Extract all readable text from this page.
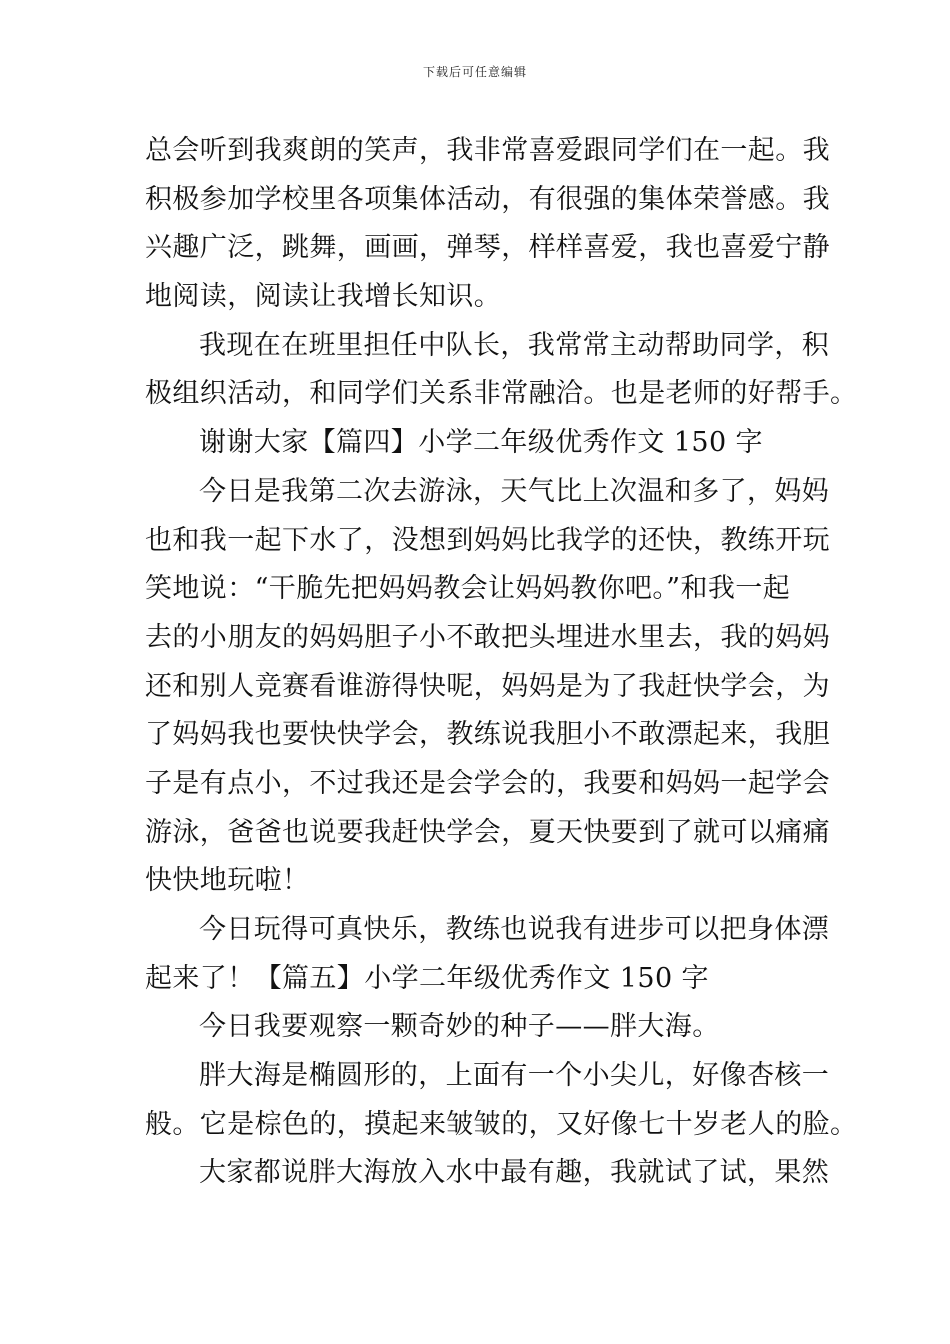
下载后可任意编辑
总会听到我爽朗的笑声，我非常喜爱跟同学们在一起。我
积极参加学校里各项集体活动，有很强的集体荣誉感。我
兴趣广泛，跳舞，画画，弹琴，样样喜爱，我也喜爱宁静
地阅读，阅读让我增长知识。
我现在在班里担任中队长，我常常主动帮助同学，积
极组织活动，和同学们关系非常融洽。也是老师的好帮手。
谢谢大家【篇四】小学二年级优秀作文 150 字
今日是我第二次去游泳，天气比上次温和多了，妈妈
也和我一起下水了，没想到妈妈比我学的还快，教练开玩
笑地说：“干脆先把妈妈教会让妈妈教你吧。”和我一起
去的小朋友的妈妈胆子小不敢把头埋进水里去，我的妈妈
还和别人竞赛看谁游得快呢，妈妈是为了我赶快学会，为
了妈妈我也要快快学会，教练说我胆小不敢漂起来，我胆
子是有点小，不过我还是会学会的，我要和妈妈一起学会
游泳，爸爸也说要我赶快学会，夏天快要到了就可以痛痛
快快地玩啦！
今日玩得可真快乐，教练也说我有进步可以把身体漂
起来了！【篇五】小学二年级优秀作文 150 字
今日我要观察一颗奇妙的种子——胖大海。
胖大海是椭圆形的，上面有一个小尖儿，好像杏核一
般。它是棕色的，摸起来皱皱的，又好像七十岁老人的脸。
大家都说胖大海放入水中最有趣，我就试了试，果然
